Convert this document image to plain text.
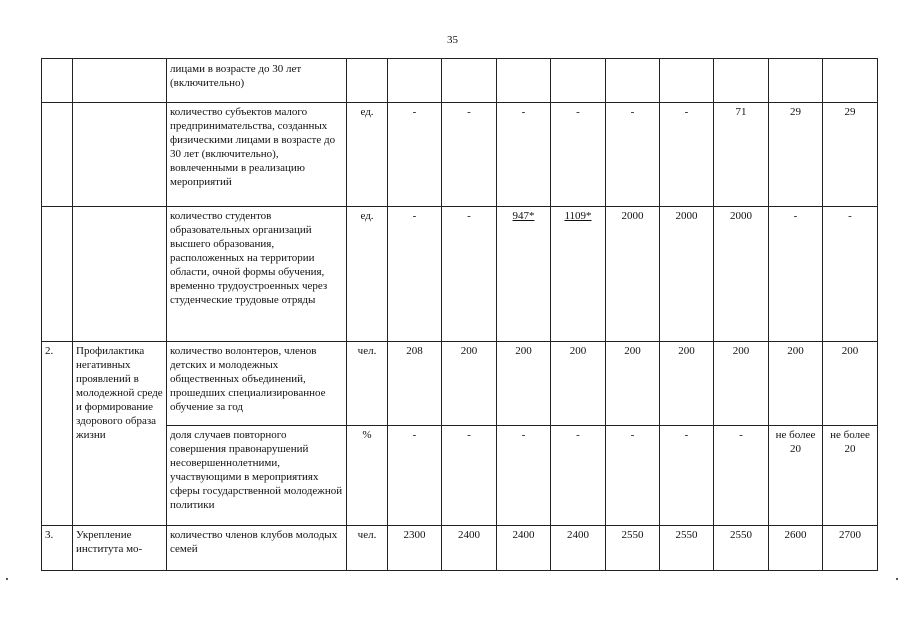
35
		лицами в возрасте до 30 лет (включительно)										
		количество субъектов малого предпринимательства, созданных физическими лицами в возрасте до 30 лет (включительно), вовлеченными в реализацию мероприятий	ед.	-	-	-	-	-	-	71	29	29
		количество студентов образовательных организаций высшего образования, расположенных на территории области, очной формы обучения, временно трудоустроенных через студенческие трудовые отряды	ед.	-	-	947*	1109*	2000	2000	2000	-	-
2.	Профилактика негативных проявлений в молодежной среде и формирование здорового образа жизни	количество волонтеров, членов детских и молодежных общественных объединений, прошедших специализированное обучение за год	чел.	208	200	200	200	200	200	200	200	200
		доля случаев повторного совершения правонарушений несовершеннолетними, участвующими в мероприятиях сферы государственной молодежной политики	%	-	-	-	-	-	-	-	не более 20	не более 20
3.	Укрепление института мо-	количество членов клубов молодых семей	чел.	2300	2400	2400	2400	2550	2550	2550	2600	2700
